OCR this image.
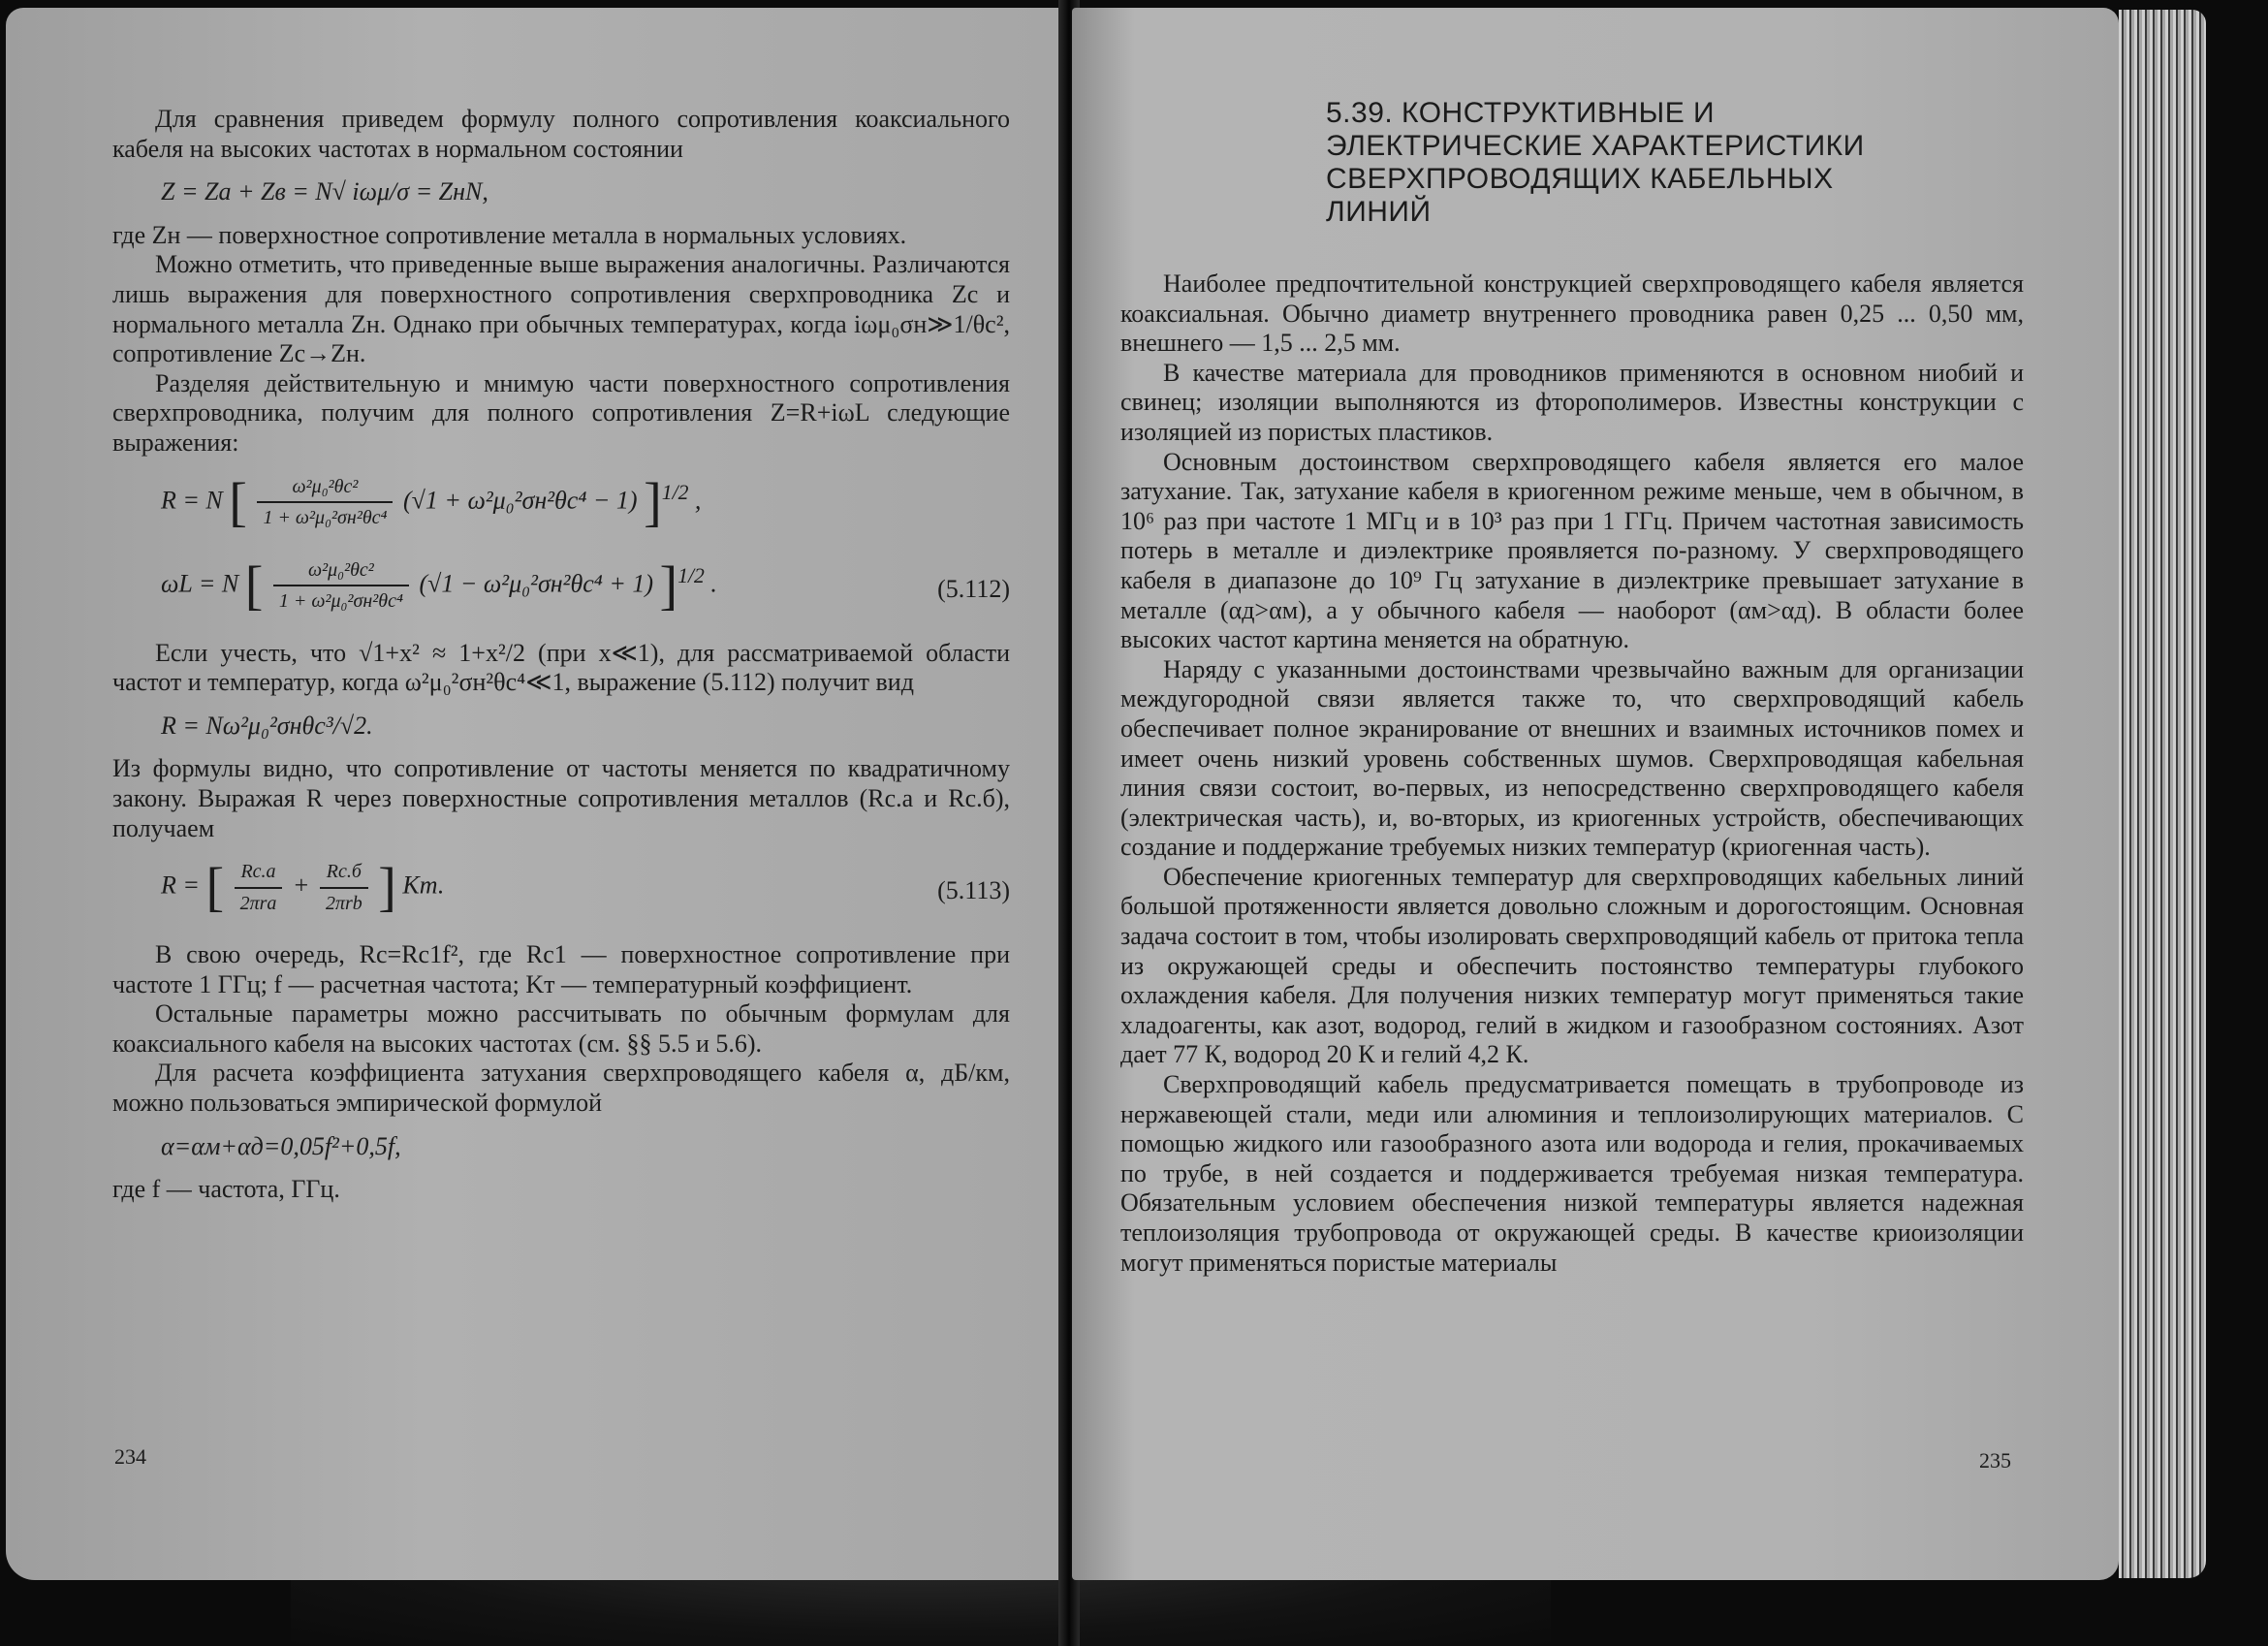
Для сравнения приведем формулу полного сопротивления коаксиального кабеля на высоких частотах в нормальном состоянии

Z = Zа + Zв = N√ iωμ/σ = ZнN,

где Zн — поверхностное сопротивление металла в нормальных условиях.

Можно отметить, что приведенные выше выражения аналогичны. Различаются лишь выражения для поверхностного сопротивления сверхпроводника Zс и нормального металла Zн. Однако при обычных температурах, когда iωμ₀σн≫1/θс², сопротивление Zс→Zн.

Разделяя действительную и мнимую части поверхностного сопротивления сверхпроводника, получим для полного сопротивления Z=R+iωL следующие выражения:

R = N [ $\frac{\text{ω²μ₀²θс²}}{\text{1 + ω²μ₀²σн²θс⁴}} (√1 + \omega^2\mu_0^2\sigma н^2\theta с^4 - 1)$ ]$^{1/2}$ ,
ωL = N [ $\frac{\text{ω²μ₀²θс²}}{\text{1 + ω²μ₀²σн²θс⁴}} (√1 - \omega^2\mu_0^2\sigma н^2\theta с^4 + 1)$ ]$^{1/2}$ .	(5.112)

Если учесть, что √1+x² ≈ 1+x²/2 (при x≪1), для рассматриваемой области частот и температур, когда ω²μ₀²σн²θс⁴≪1, выражение (5.112) получит вид

R = Nω²μ₀²σнθс³/√2.

Из формулы видно, что сопротивление от частоты меняется по квадратичному закону. Выражая R через поверхностные сопротивления металлов (Rс.а и Rс.б), получаем

R = [ $\frac{Rс.а}{\text{2πra}} + \frac{Rс.б}{\text{2πrb}}$ ] Kт.	(5.113)

В свою очередь, Rс=Rс1f², где Rс1 — поверхностное сопротивление при частоте 1 ГГц; f — расчетная частота; Kт — температурный коэффициент.

Остальные параметры можно рассчитывать по обычным формулам для коаксиального кабеля на высоких частотах (см. §§ 5.5 и 5.6).

Для расчета коэффициента затухания сверхпроводящего кабеля α, дБ/км, можно пользоваться эмпирической формулой

α=αм+αд=0,05f²+0,5f,

где f — частота, ГГц.

234
5.39. КОНСТРУКТИВНЫЕ И ЭЛЕКТРИЧЕСКИЕ ХАРАКТЕРИСТИКИ СВЕРХПРОВОДЯЩИХ КАБЕЛЬНЫХ ЛИНИЙ

Наиболее предпочтительной конструкцией сверхпроводящего кабеля является коаксиальная. Обычно диаметр внутреннего проводника равен 0,25 ... 0,50 мм, внешнего — 1,5 ... 2,5 мм.

В качестве материала для проводников применяются в основном ниобий и свинец; изоляции выполняются из фторополимеров. Известны конструкции с изоляцией из пористых пластиков.

Основным достоинством сверхпроводящего кабеля является его малое затухание. Так, затухание кабеля в криогенном режиме меньше, чем в обычном, в 10⁶ раз при частоте 1 МГц и в 10³ раз при 1 ГГц. Причем частотная зависимость потерь в металле и диэлектрике проявляется по-разному. У сверхпроводящего кабеля в диапазоне до 10⁹ Гц затухание в диэлектрике превышает затухание в металле (αд>αм), а у обычного кабеля — наоборот (αм>αд). В области более высоких частот картина меняется на обратную.

Наряду с указанными достоинствами чрезвычайно важным для организации междугородной связи является также то, что сверхпроводящий кабель обеспечивает полное экранирование от внешних и взаимных источников помех и имеет очень низкий уровень собственных шумов. Сверхпроводящая кабельная линия связи состоит, во-первых, из непосредственно сверхпроводящего кабеля (электрическая часть), и, во-вторых, из криогенных устройств, обеспечивающих создание и поддержание требуемых низких температур (криогенная часть).

Обеспечение криогенных температур для сверхпроводящих кабельных линий большой протяженности является довольно сложным и дорогостоящим. Основная задача состоит в том, чтобы изолировать сверхпроводящий кабель от притока тепла из окружающей среды и обеспечить постоянство температуры глубокого охлаждения кабеля. Для получения низких температур могут применяться такие хладоагенты, как азот, водород, гелий в жидком и газообразном состояниях. Азот дает 77 К, водород 20 К и гелий 4,2 К.

Сверхпроводящий кабель предусматривается помещать в трубопроводе из нержавеющей стали, меди или алюминия и теплоизолирующих материалов. С помощью жидкого или газообразного азота или водорода и гелия, прокачиваемых по трубе, в ней создается и поддерживается требуемая низкая температура. Обязательным условием обеспечения низкой температуры является надежная теплоизоляция трубопровода от окружающей среды. В качестве криоизоляции могут применяться пористые материалы

235
